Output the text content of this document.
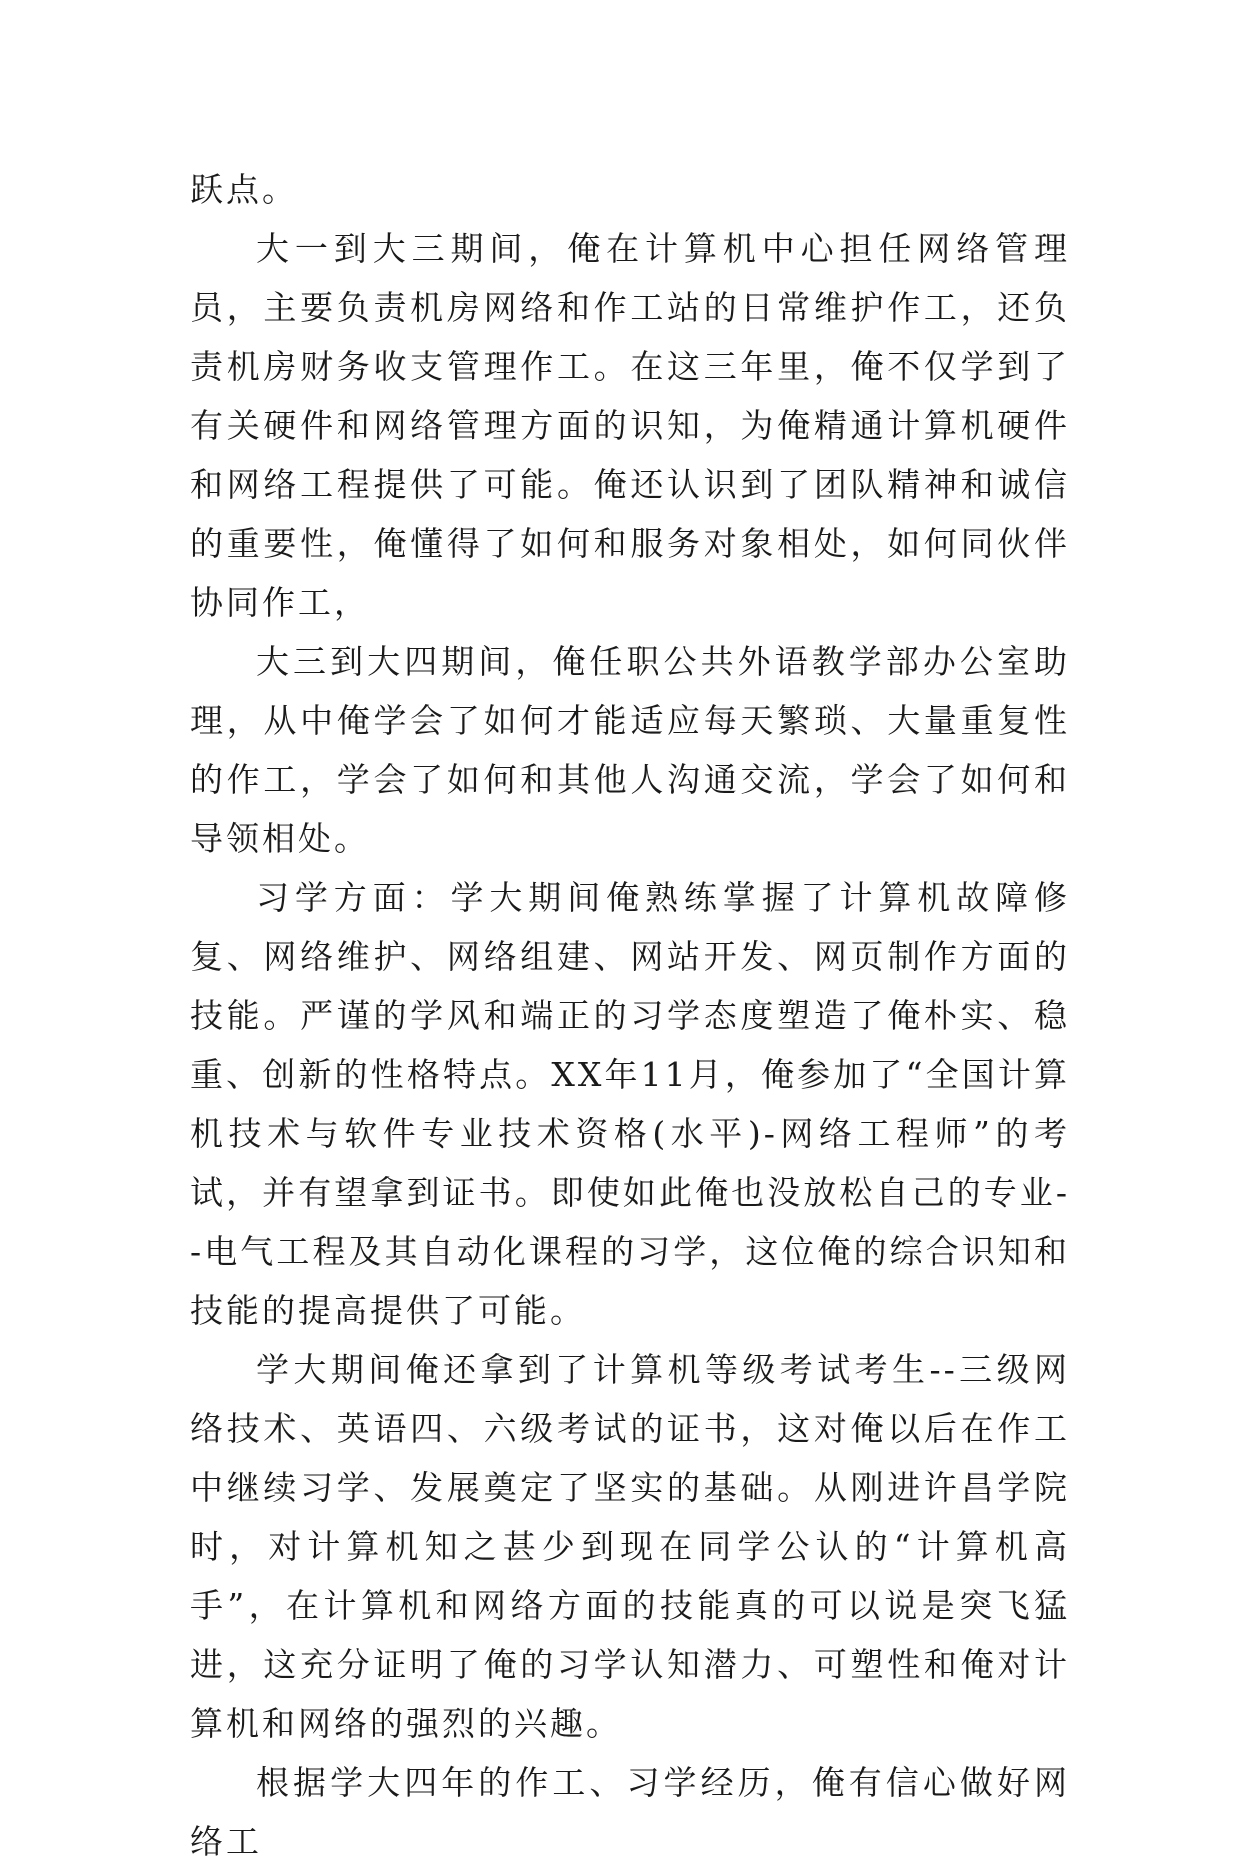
跃点。

大一到大三期间，俺在计算机中心担任网络管理员，主要负责机房网络和作工站的日常维护作工，还负责机房财务收支管理作工。在这三年里，俺不仅学到了有关硬件和网络管理方面的识知，为俺精通计算机硬件和网络工程提供了可能。俺还认识到了团队精神和诚信的重要性，俺懂得了如何和服务对象相处，如何同伙伴协同作工，

大三到大四期间，俺任职公共外语教学部办公室助理，从中俺学会了如何才能适应每天繁琐、大量重复性的作工，学会了如何和其他人沟通交流，学会了如何和导领相处。

习学方面：学大期间俺熟练掌握了计算机故障修复、网络维护、网络组建、网站开发、网页制作方面的技能。严谨的学风和端正的习学态度塑造了俺朴实、稳重、创新的性格特点。XX年11月，俺参加了“全国计算机技术与软件专业技术资格(水平)-网络工程师”的考试，并有望拿到证书。即使如此俺也没放松自己的专业--电气工程及其自动化课程的习学，这位俺的综合识知和技能的提高提供了可能。

学大期间俺还拿到了计算机等级考试考生--三级网络技术、英语四、六级考试的证书，这对俺以后在作工中继续习学、发展奠定了坚实的基础。从刚进许昌学院时，对计算机知之甚少到现在同学公认的“计算机高手”，在计算机和网络方面的技能真的可以说是突飞猛进，这充分证明了俺的习学认知潜力、可塑性和俺对计算机和网络的强烈的兴趣。

根据学大四年的作工、习学经历，俺有信心做好网络工
